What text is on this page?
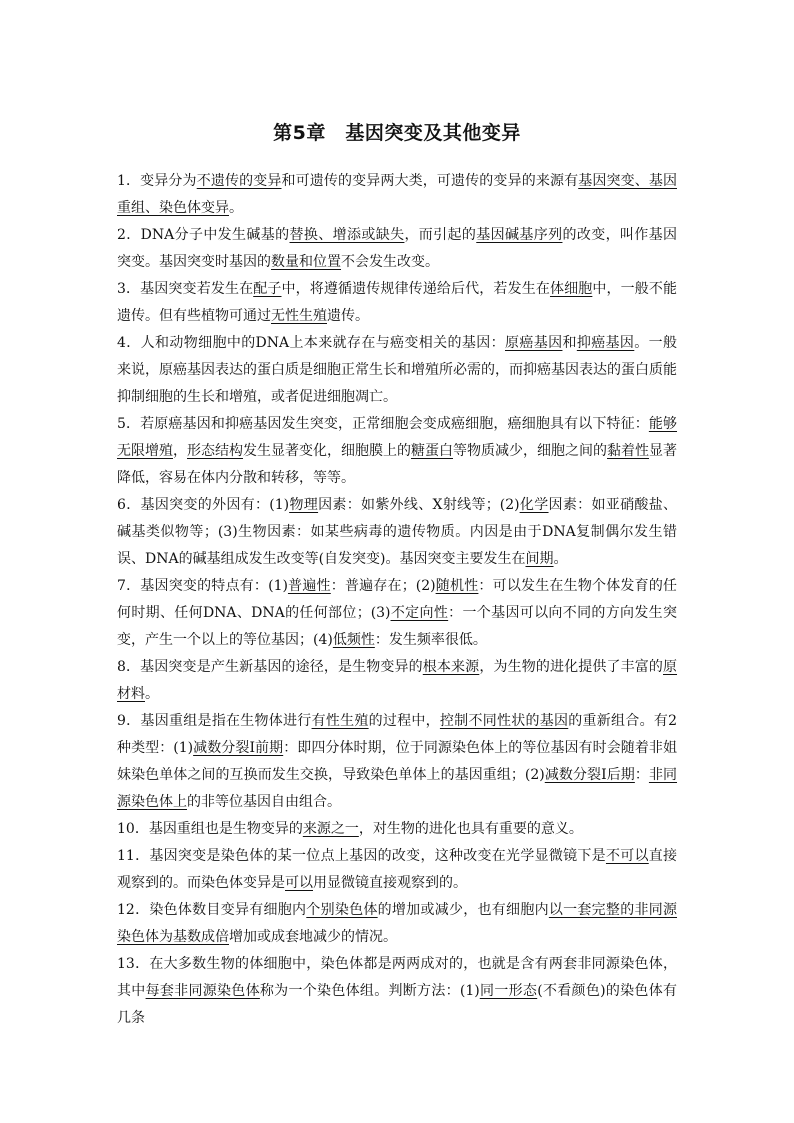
第5章　基因突变及其他变异

1．变异分为不遗传的变异和可遗传的变异两大类，可遗传的变异的来源有基因突变、基因重组、染色体变异。

2．DNA分子中发生碱基的替换、增添或缺失，而引起的基因碱基序列的改变，叫作基因突变。基因突变时基因的数量和位置不会发生改变。

3．基因突变若发生在配子中，将遵循遗传规律传递给后代，若发生在体细胞中，一般不能遗传。但有些植物可通过无性生殖遗传。

4．人和动物细胞中的DNA上本来就存在与癌变相关的基因：原癌基因和抑癌基因。一般来说，原癌基因表达的蛋白质是细胞正常生长和增殖所必需的，而抑癌基因表达的蛋白质能抑制细胞的生长和增殖，或者促进细胞凋亡。

5．若原癌基因和抑癌基因发生突变，正常细胞会变成癌细胞，癌细胞具有以下特征：能够无限增殖，形态结构发生显著变化，细胞膜上的糖蛋白等物质减少，细胞之间的黏着性显著降低，容易在体内分散和转移，等等。

6．基因突变的外因有：(1)物理因素：如紫外线、X射线等；(2)化学因素：如亚硝酸盐、碱基类似物等；(3)生物因素：如某些病毒的遗传物质。内因是由于DNA复制偶尔发生错误、DNA的碱基组成发生改变等(自发突变)。基因突变主要发生在间期。

7．基因突变的特点有：(1)普遍性：普遍存在；(2)随机性：可以发生在生物个体发育的任何时期、任何DNA、DNA的任何部位；(3)不定向性：一个基因可以向不同的方向发生突变，产生一个以上的等位基因；(4)低频性：发生频率很低。

8．基因突变是产生新基因的途径，是生物变异的根本来源，为生物的进化提供了丰富的原材料。

9．基因重组是指在生物体进行有性生殖的过程中，控制不同性状的基因的重新组合。有2种类型：(1)减数分裂Ⅰ前期：即四分体时期，位于同源染色体上的等位基因有时会随着非姐妹染色单体之间的互换而发生交换，导致染色单体上的基因重组；(2)减数分裂Ⅰ后期：非同源染色体上的非等位基因自由组合。

10．基因重组也是生物变异的来源之一，对生物的进化也具有重要的意义。

11．基因突变是染色体的某一位点上基因的改变，这种改变在光学显微镜下是不可以直接观察到的。而染色体变异是可以用显微镜直接观察到的。

12．染色体数目变异有细胞内个别染色体的增加或减少，也有细胞内以一套完整的非同源染色体为基数成倍增加或成套地减少的情况。

13．在大多数生物的体细胞中，染色体都是两两成对的，也就是含有两套非同源染色体，其中每套非同源染色体称为一个染色体组。判断方法：(1)同一形态(不看颜色)的染色体有几条
